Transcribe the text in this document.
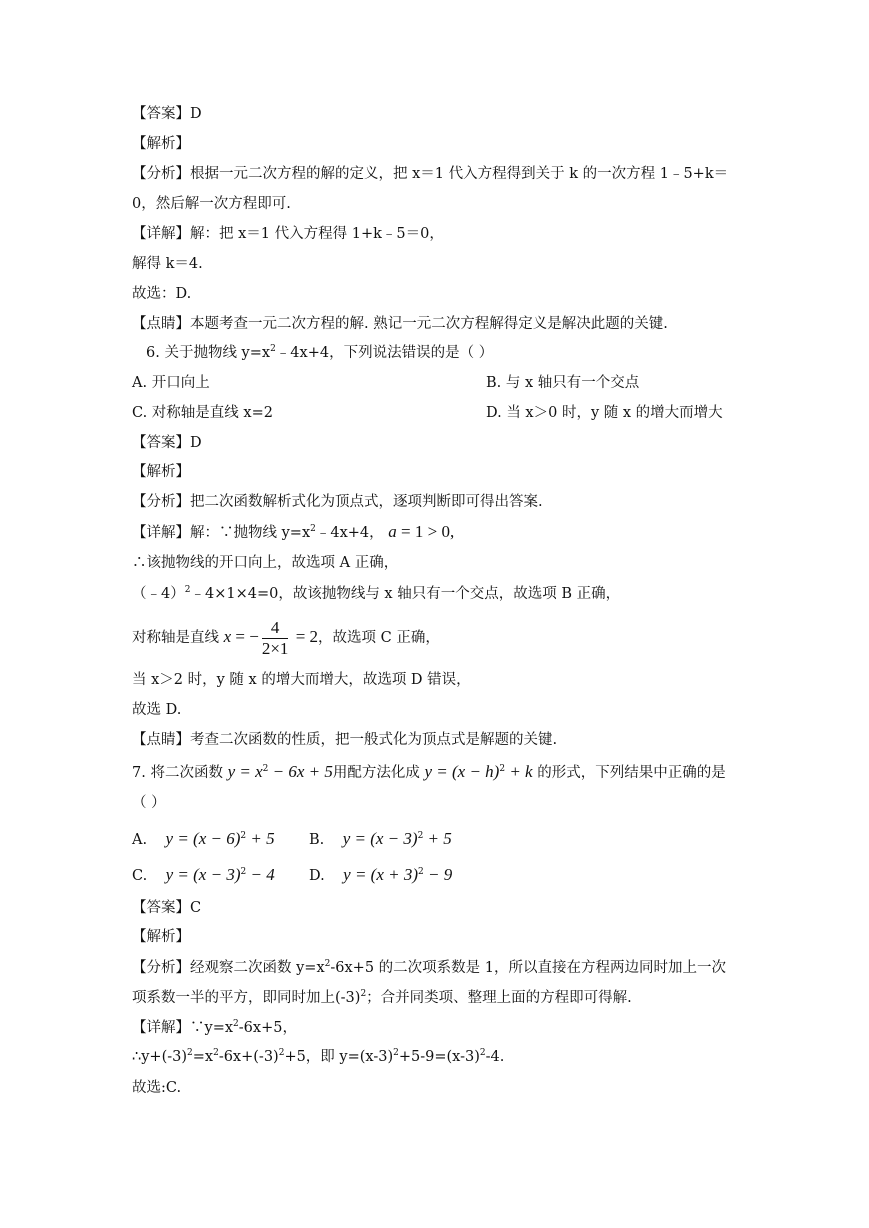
【答案】D
【解析】
【分析】根据一元二次方程的解的定义，把 x＝1 代入方程得到关于 k 的一次方程 1﹣5+k＝
0，然后解一次方程即可.
【详解】解：把 x＝1 代入方程得 1+k﹣5＝0，
解得 k＝4.
故选：D.
【点睛】本题考查一元二次方程的解. 熟记一元二次方程解得定义是解决此题的关键.
6. 关于抛物线 $y=x^2﹣4x+4$，下列说法错误的是（ ）
A. 开口向上	B. 与 x 轴只有一个交点
C. 对称轴是直线 x=2	D. 当 x＞0 时，y 随 x 的增大而增大
【答案】D
【解析】
【分析】把二次函数解析式化为顶点式，逐项判断即可得出答案.
【详解】解：∵抛物线 $y=x^2﹣4x+4$， a = 1 > 0,
∴该抛物线的开口向上，故选项 A 正确，
（﹣4）$^2$﹣4×1×4=0，故该抛物线与 x 轴只有一个交点，故选项 B 正确，
对称轴是直线 x = − $\frac{4}{2\times 1} = 2$，故选项 C 正确，
当 x＞2 时，y 随 x 的增大而增大，故选项 D 错误，
故选 D.
【点睛】考查二次函数的性质，把一般式化为顶点式是解题的关键.
7. 将二次函数 $y = x^2 - 6x + 5$用配方法化成 $y = (x - h)^2 + k$ 的形式，下列结果中正确的是
（ ）
A. $y = (x - 6)^2 + 5$ B. $y = (x - 3)^2 + 5$
C. $y = (x - 3)^2 - 4$ D. $y = (x + 3)^2 - 9$
【答案】C
【解析】
【分析】经观察二次函数 $y=x^2-6x+5$ 的二次项系数是 1，所以直接在方程两边同时加上一次
项系数一半的平方，即同时加上$(-3)^2$；合并同类项、整理上面的方程即可得解.
【详解】$\because y=x^2-6x+5$，
$\therefore y+(-3)^2=x^2-6x+(-3)^2+5$，即 $y=(x-3)^2+5-9=(x-3)^2-4$.
故选:C.
